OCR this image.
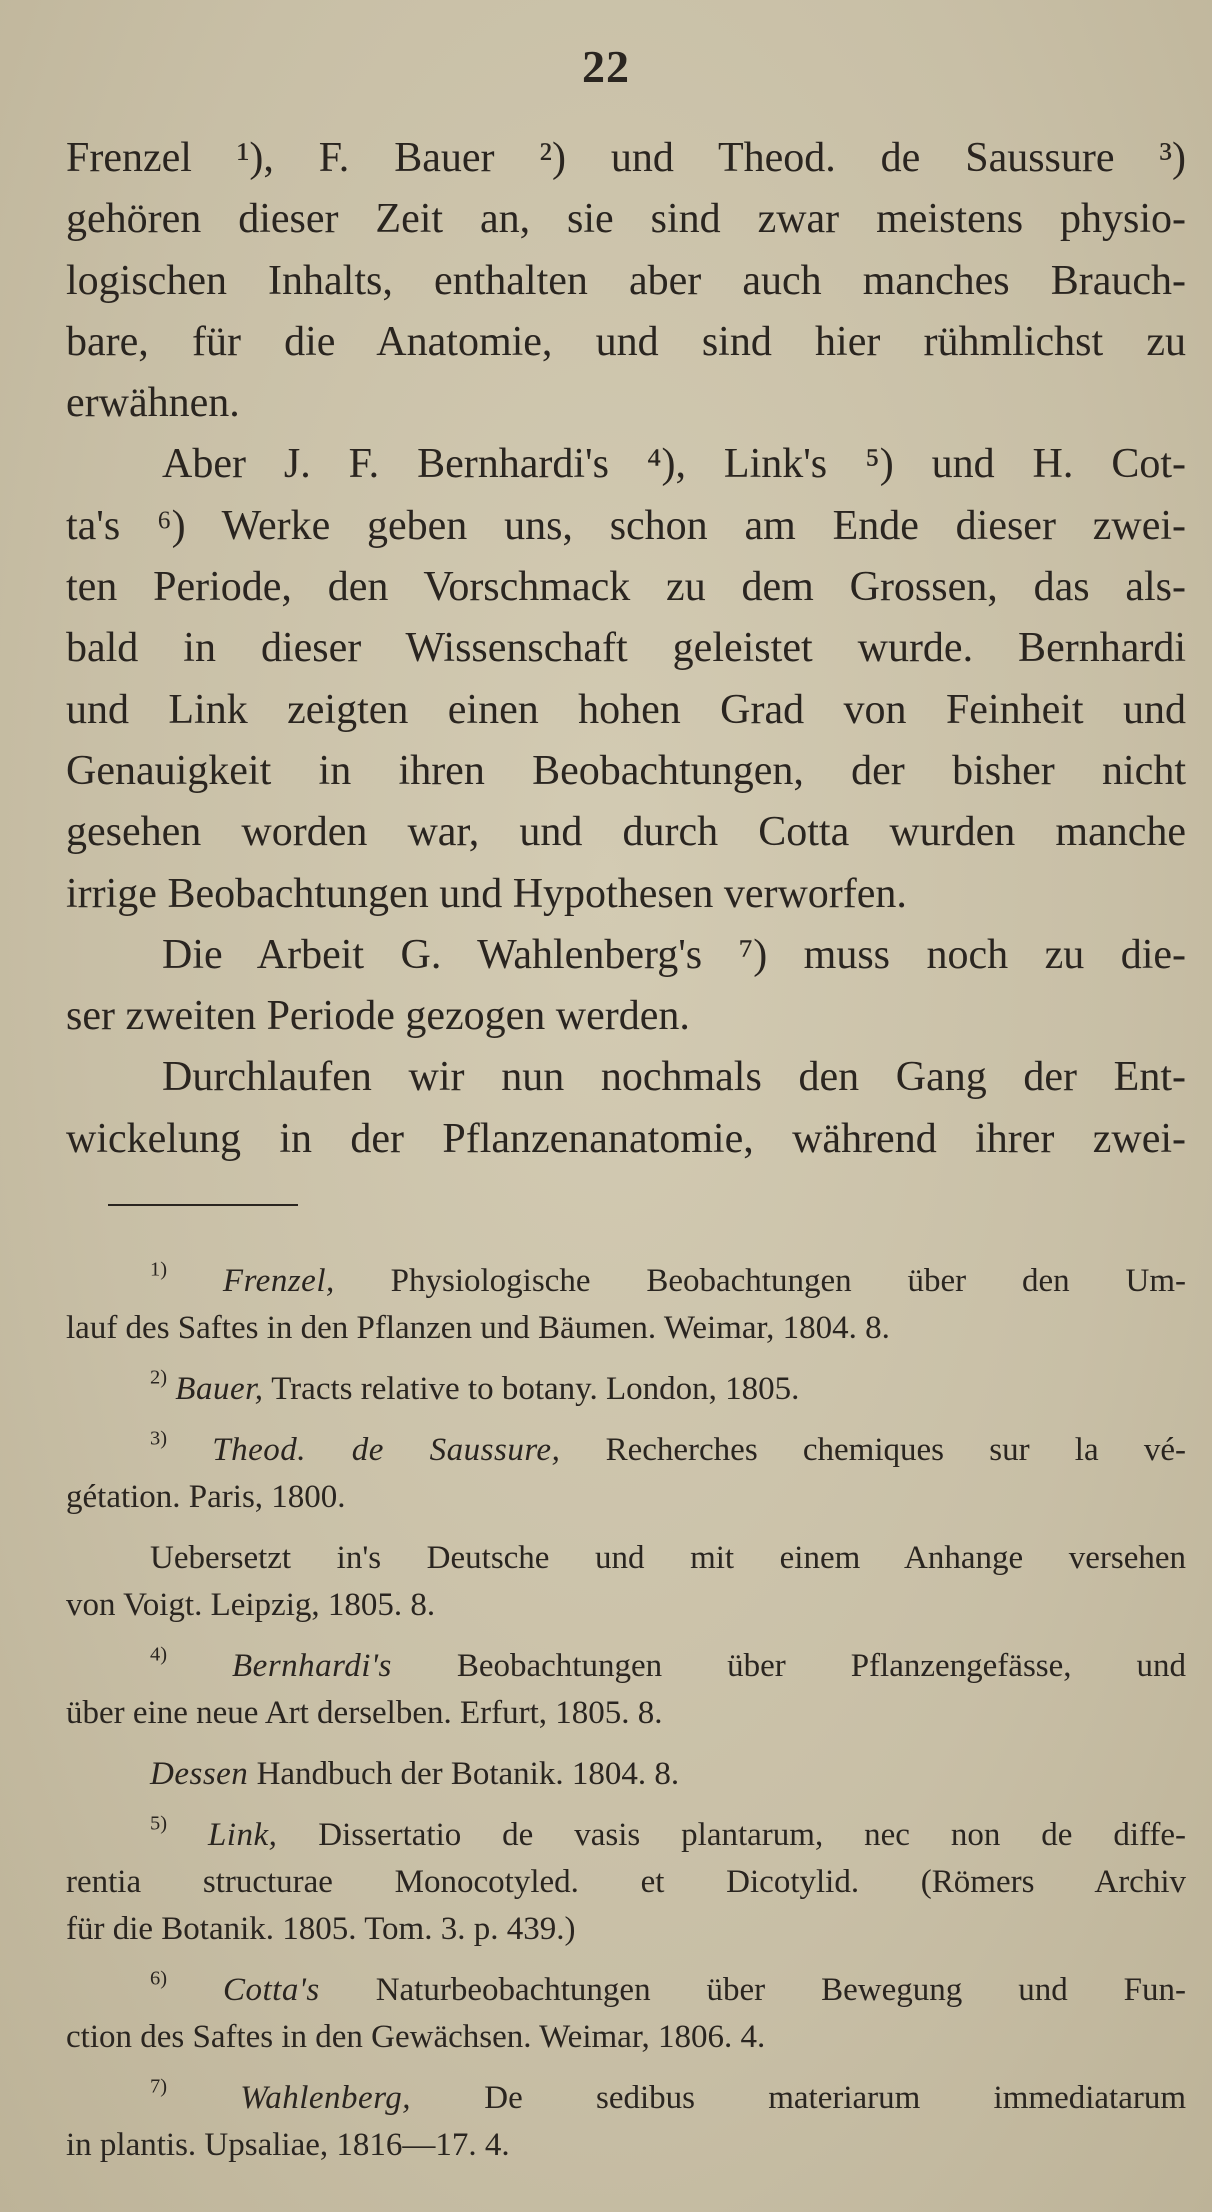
22
Frenzel ¹), F. Bauer ²) und Theod. de Saussure ³)
gehören dieser Zeit an, sie sind zwar meistens physio-
logischen Inhalts, enthalten aber auch manches Brauch-
bare, für die Anatomie, und sind hier rühmlichst zu
erwähnen.
Aber J. F. Bernhardi's ⁴), Link's ⁵) und H. Cot-
ta's ⁶) Werke geben uns, schon am Ende dieser zwei-
ten Periode, den Vorschmack zu dem Grossen, das als-
bald in dieser Wissenschaft geleistet wurde. Bernhardi
und Link zeigten einen hohen Grad von Feinheit und
Genauigkeit in ihren Beobachtungen, der bisher nicht
gesehen worden war, und durch Cotta wurden manche
irrige Beobachtungen und Hypothesen verworfen.
Die Arbeit G. Wahlenberg's ⁷) muss noch zu die-
ser zweiten Periode gezogen werden.
Durchlaufen wir nun nochmals den Gang der Ent-
wickelung in der Pflanzenanatomie, während ihrer zwei-
$^{1)}$ Frenzel, Physiologische Beobachtungen über den Um-
lauf des Saftes in den Pflanzen und Bäumen. Weimar, 1804. 8.
$^{2)}$ Bauer, Tracts relative to botany. London, 1805.
$^{3)}$ Theod. de Saussure, Recherches chemiques sur la vé-
gétation. Paris, 1800.
Uebersetzt in's Deutsche und mit einem Anhange versehen
von Voigt. Leipzig, 1805. 8.
$^{4)}$ Bernhardi's Beobachtungen über Pflanzengefässe, und
über eine neue Art derselben. Erfurt, 1805. 8.
Dessen Handbuch der Botanik. 1804. 8.
$^{5)}$ Link, Dissertatio de vasis plantarum, nec non de diffe-
rentia structurae Monocotyled. et Dicotylid. (Römers Archiv
für die Botanik. 1805. Tom. 3. p. 439.)
$^{6)}$ Cotta's Naturbeobachtungen über Bewegung und Fun-
ction des Saftes in den Gewächsen. Weimar, 1806. 4.
$^{7)}$ Wahlenberg, De sedibus materiarum immediatarum
in plantis. Upsaliae, 1816—17. 4.
